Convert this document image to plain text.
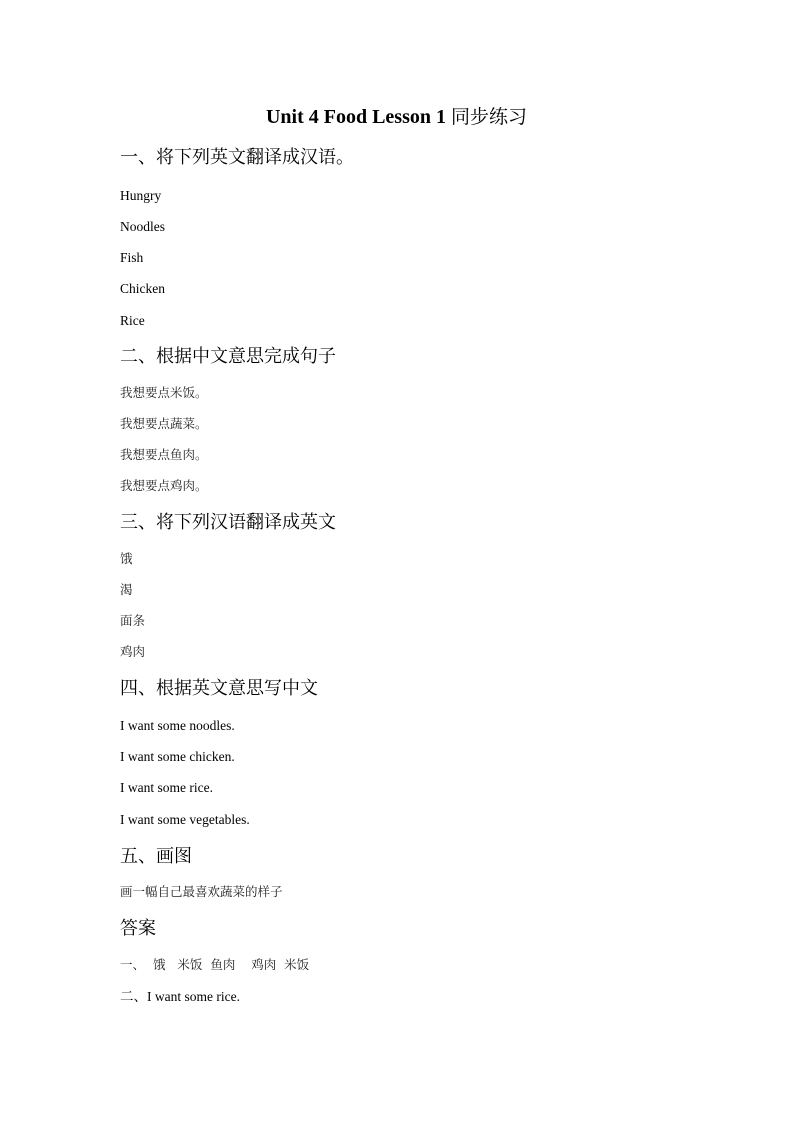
Unit 4 Food Lesson 1 同步练习
一、将下列英文翻译成汉语。

Hungry

Noodles

Fish

Chicken

Rice

二、根据中文意思完成句子

我想要点米饭。

我想要点蔬菜。

我想要点鱼肉。

我想要点鸡肉。

三、将下列汉语翻译成英文

饿

渴

面条

鸡肉

四、根据英文意思写中文

I want some noodles.

I want some chicken.

I want some rice.

I want some vegetables.

五、画图

画一幅自己最喜欢蔬菜的样子

答案

一、  饿   米饭  鱼肉    鸡肉  米饭

二、I want some rice.
